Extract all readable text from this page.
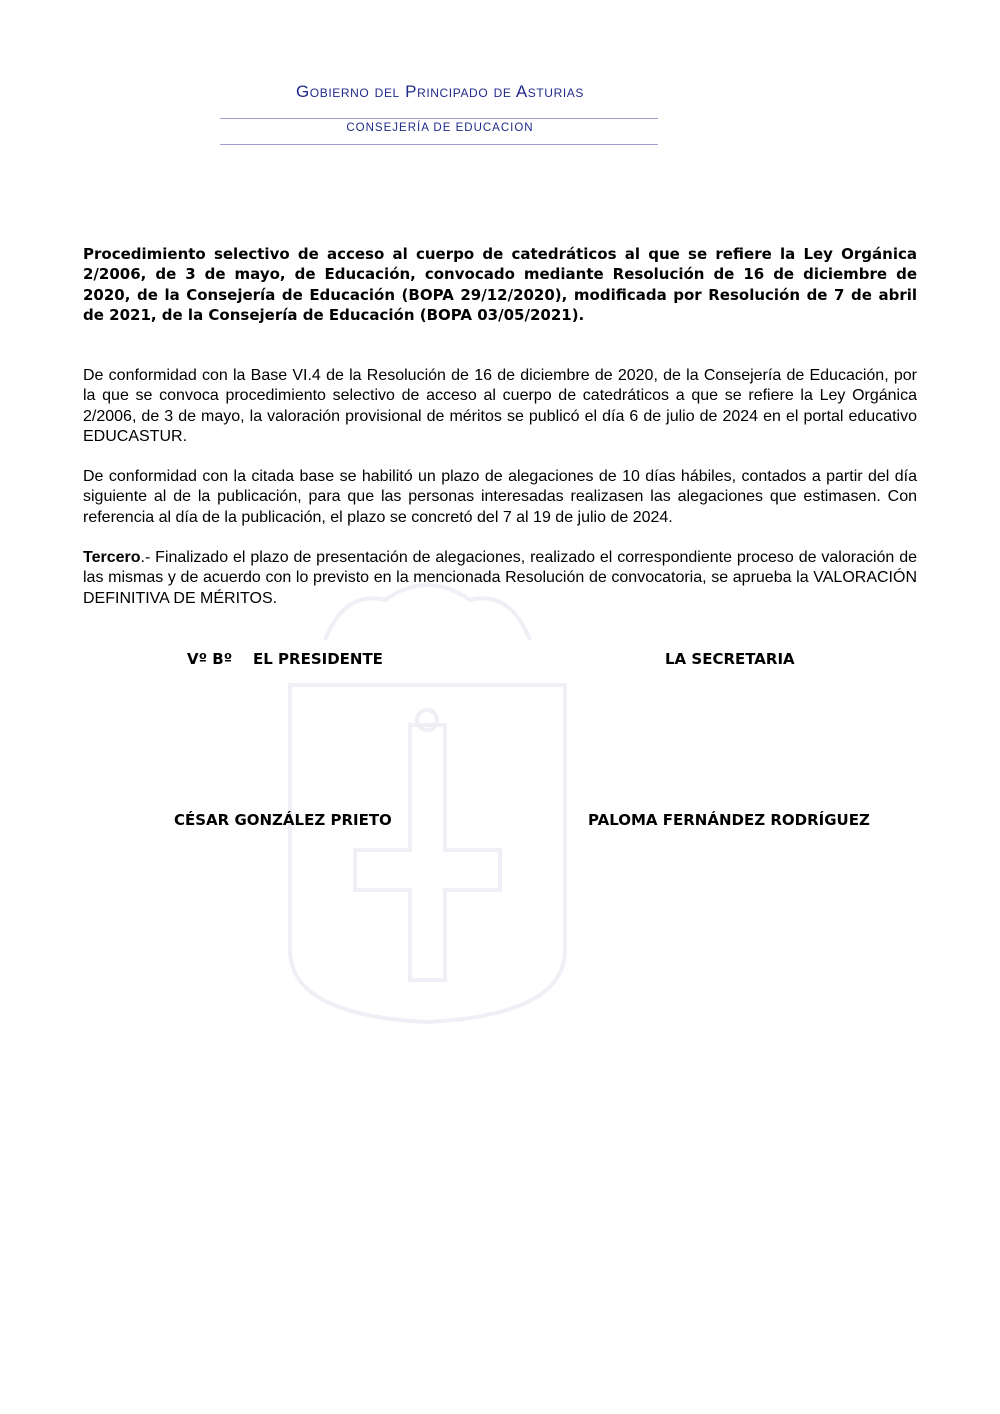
Gobierno del Principado de Asturias
CONSEJERÍA DE EDUCACION
Procedimiento selectivo de acceso al cuerpo de catedráticos al que se refiere la Ley Orgánica 2/2006, de 3 de mayo, de Educación, convocado mediante Resolución de 16 de diciembre de 2020, de la Consejería de Educación (BOPA 29/12/2020), modificada por Resolución de 7 de abril de 2021, de la Consejería de Educación (BOPA 03/05/2021).
De conformidad con la Base VI.4 de la Resolución de 16 de diciembre de 2020, de la Consejería de Educación, por la que se convoca procedimiento selectivo de acceso al cuerpo de catedráticos a que se refiere la Ley Orgánica 2/2006, de 3 de mayo, la valoración provisional de méritos se publicó el día 6 de julio de 2024 en el portal educativo EDUCASTUR.
De conformidad con la citada base se habilitó un plazo de alegaciones de 10 días hábiles, contados a partir del día siguiente al de la publicación, para que las personas interesadas realizasen las alegaciones que estimasen. Con referencia al día de la publicación, el plazo se concretó del 7 al 19 de julio de 2024.
Tercero.- Finalizado el plazo de presentación de alegaciones, realizado el correspondiente proceso de valoración de las mismas y de acuerdo con lo previsto en la mencionada Resolución de convocatoria, se aprueba la VALORACIÓN DEFINITIVA DE MÉRITOS.
Vº Bº EL PRESIDENTE	LA SECRETARIA
CÉSAR GONZÁLEZ PRIETO	PALOMA FERNÁNDEZ RODRÍGUEZ
